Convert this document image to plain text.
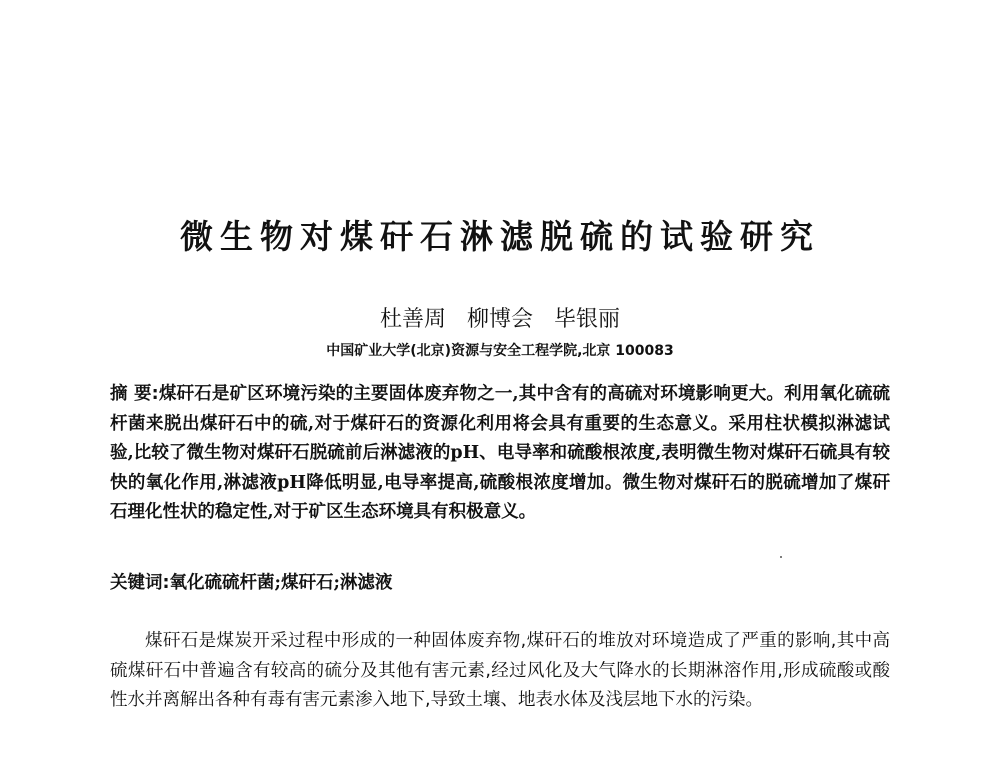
微生物对煤矸石淋滤脱硫的试验研究
杜善周 柳博会 毕银丽
中国矿业大学(北京)资源与安全工程学院,北京 100083
摘 要:煤矸石是矿区环境污染的主要固体废弃物之一,其中含有的高硫对环境影响更大。利用氧化硫硫杆菌来脱出煤矸石中的硫,对于煤矸石的资源化利用将会具有重要的生态意义。采用柱状模拟淋滤试验,比较了微生物对煤矸石脱硫前后淋滤液的pH、电导率和硫酸根浓度,表明微生物对煤矸石硫具有较快的氧化作用,淋滤液pH降低明显,电导率提高,硫酸根浓度增加。微生物对煤矸石的脱硫增加了煤矸石理化性状的稳定性,对于矿区生态环境具有积极意义。
关键词:氧化硫硫杆菌;煤矸石;淋滤液
煤矸石是煤炭开采过程中形成的一种固体废弃物,煤矸石的堆放对环境造成了严重的影响,其中高硫煤矸石中普遍含有较高的硫分及其他有害元素,经过风化及大气降水的长期淋溶作用,形成硫酸或酸性水并离解出各种有毒有害元素渗入地下,导致土壤、地表水体及浅层地下水的污染。
